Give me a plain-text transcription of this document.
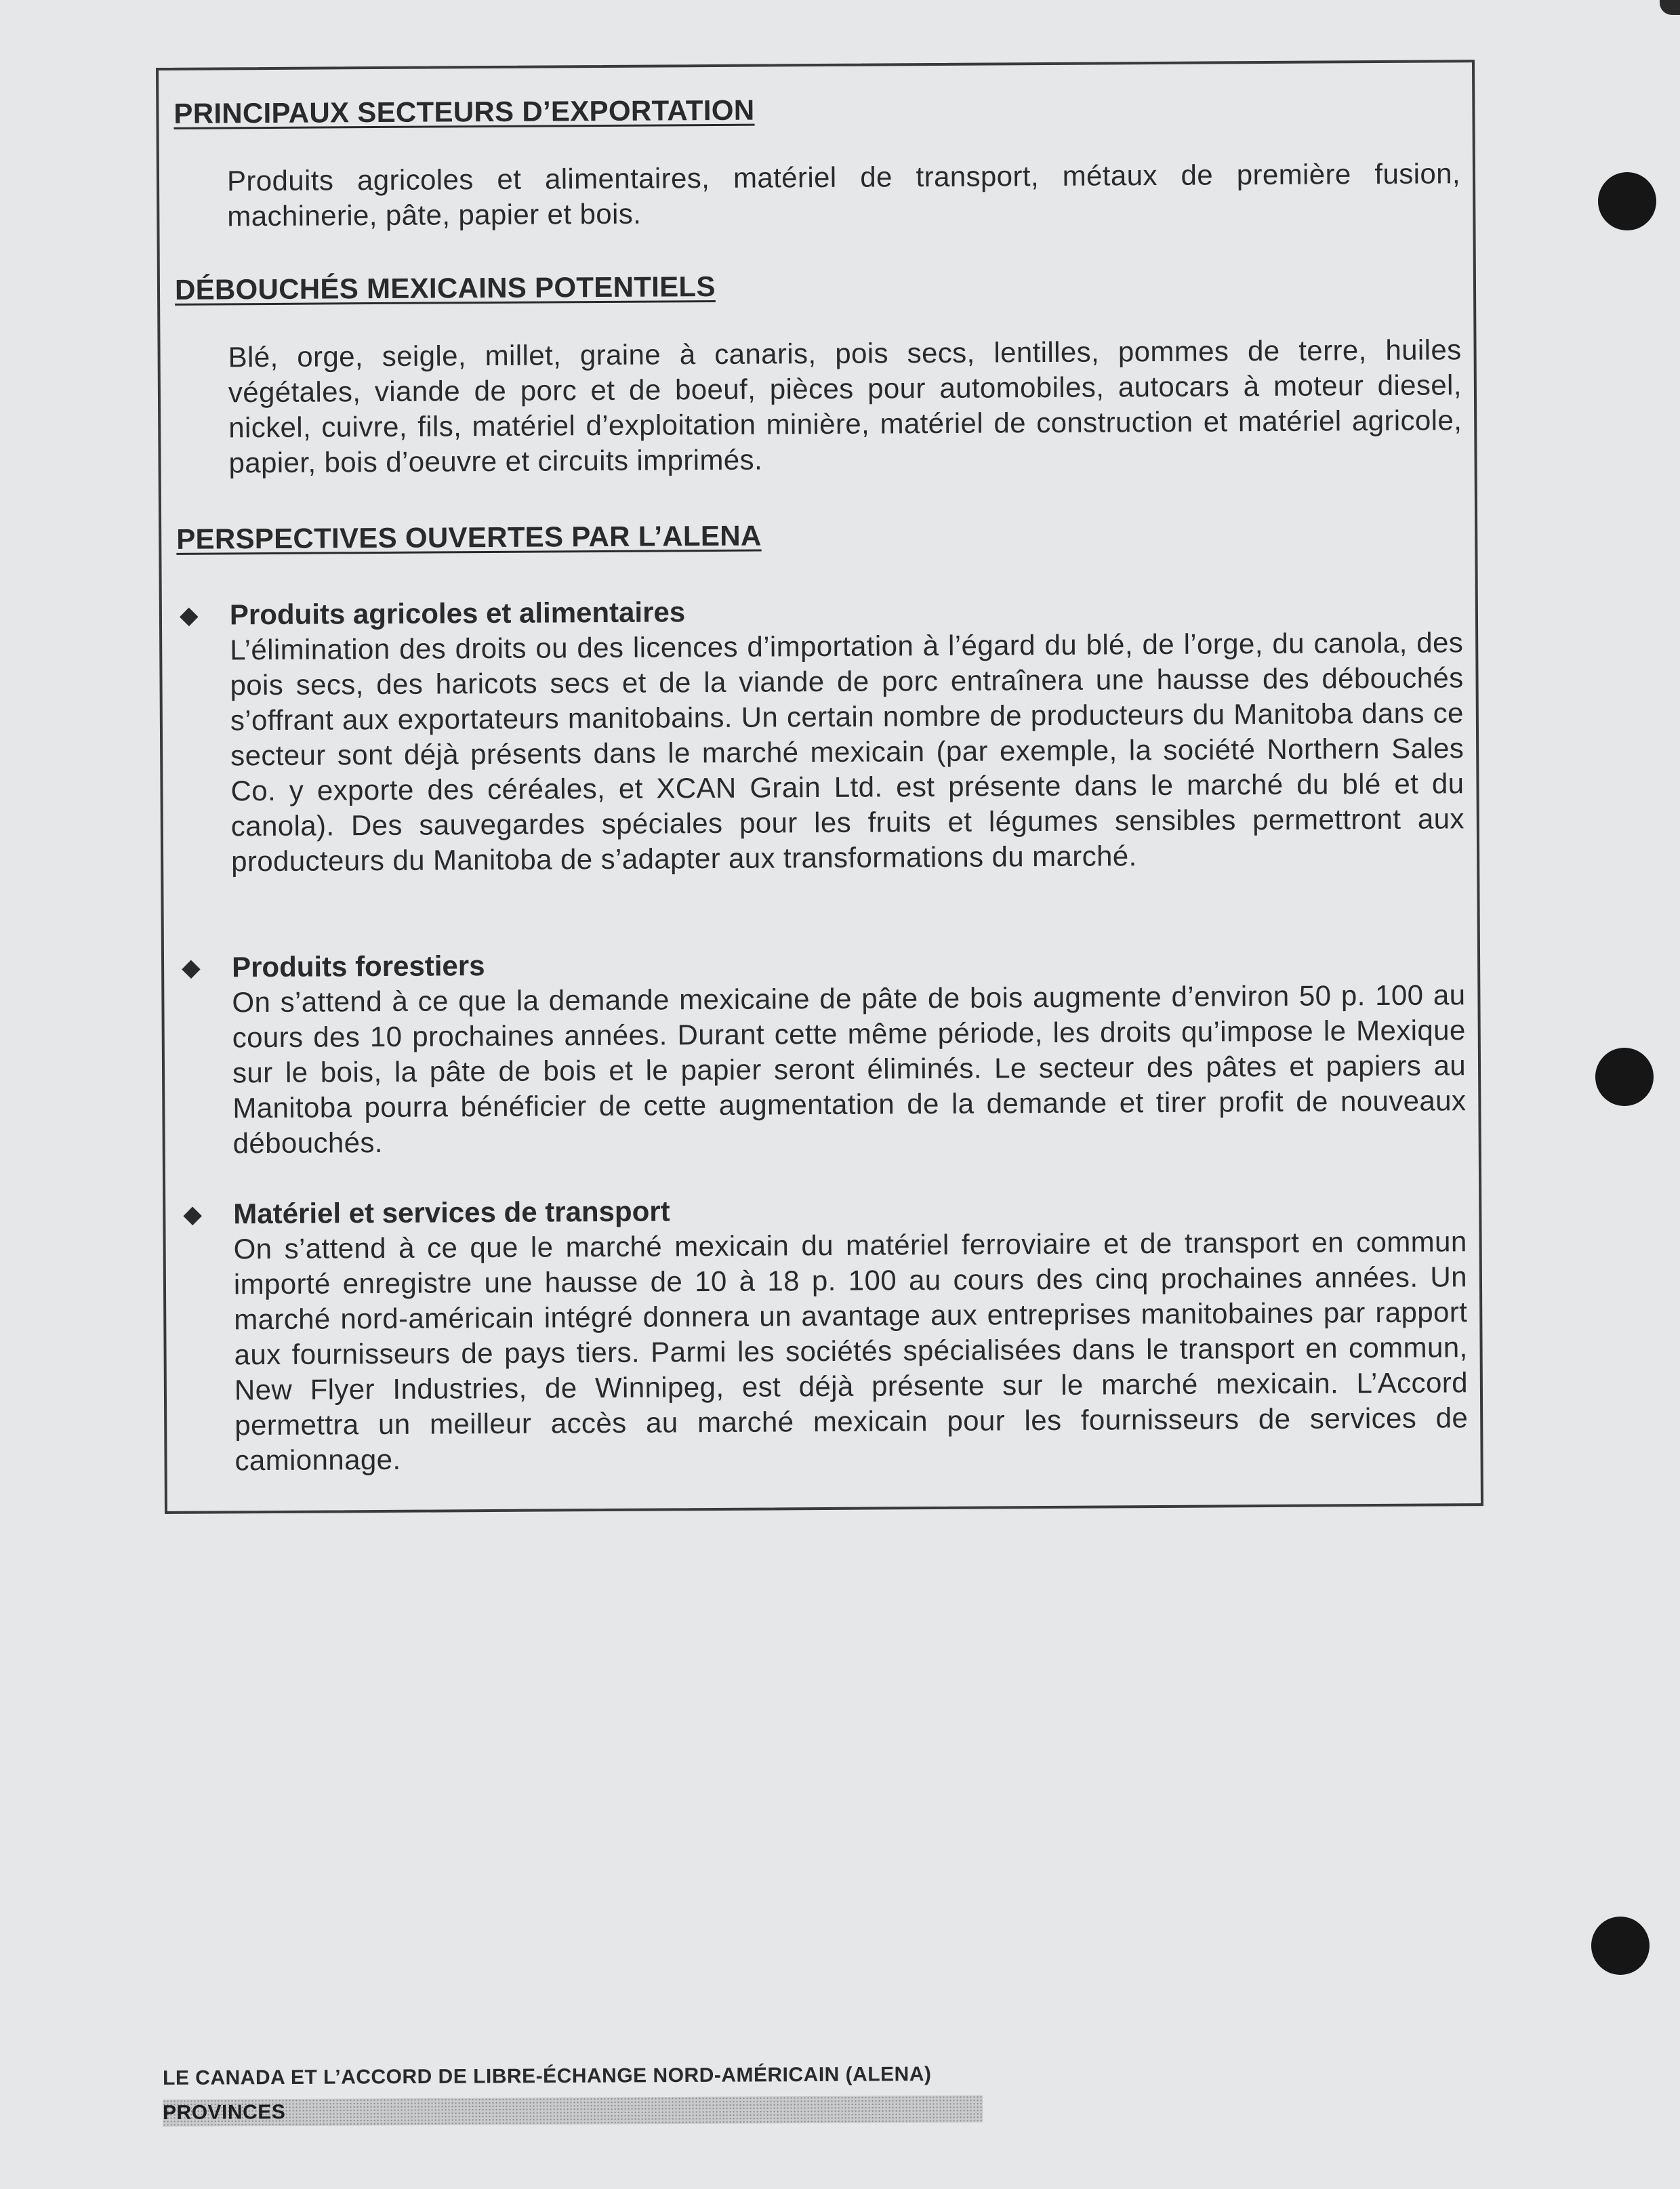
PRINCIPAUX SECTEURS D’EXPORTATION
Produits agricoles et alimentaires, matériel de transport, métaux de première fusion, machinerie, pâte, papier et bois.
DÉBOUCHÉS MEXICAINS POTENTIELS
Blé, orge, seigle, millet, graine à canaris, pois secs, lentilles, pommes de terre, huiles végétales, viande de porc et de boeuf, pièces pour automobiles, autocars à moteur diesel, nickel, cuivre, fils, matériel d’exploitation minière, matériel de construction et matériel agricole, papier, bois d’oeuvre et circuits imprimés.
PERSPECTIVES OUVERTES PAR L’ALENA
◆ Produits agricoles et alimentaires
L’élimination des droits ou des licences d’importation à l’égard du blé, de l’orge, du canola, des pois secs, des haricots secs et de la viande de porc entraînera une hausse des débouchés s’offrant aux exportateurs manitobains. Un certain nombre de producteurs du Manitoba dans ce secteur sont déjà présents dans le marché mexicain (par exemple, la société Northern Sales Co. y exporte des céréales, et XCAN Grain Ltd. est présente dans le marché du blé et du canola). Des sauvegardes spéciales pour les fruits et légumes sensibles permettront aux producteurs du Manitoba de s’adapter aux transformations du marché.
◆ Produits forestiers
On s’attend à ce que la demande mexicaine de pâte de bois augmente d’environ 50 p. 100 au cours des 10 prochaines années. Durant cette même période, les droits qu’impose le Mexique sur le bois, la pâte de bois et le papier seront éliminés. Le secteur des pâtes et papiers au Manitoba pourra bénéficier de cette augmentation de la demande et tirer profit de nouveaux débouchés.
◆ Matériel et services de transport
On s’attend à ce que le marché mexicain du matériel ferroviaire et de transport en commun importé enregistre une hausse de 10 à 18 p. 100 au cours des cinq prochaines années. Un marché nord-américain intégré donnera un avantage aux entreprises manitobaines par rapport aux fournisseurs de pays tiers. Parmi les sociétés spécialisées dans le transport en commun, New Flyer Industries, de Winnipeg, est déjà présente sur le marché mexicain. L’Accord permettra un meilleur accès au marché mexicain pour les fournisseurs de services de camionnage.
LE CANADA ET L’ACCORD DE LIBRE-ÉCHANGE NORD-AMÉRICAIN (ALENA)
PROVINCES
